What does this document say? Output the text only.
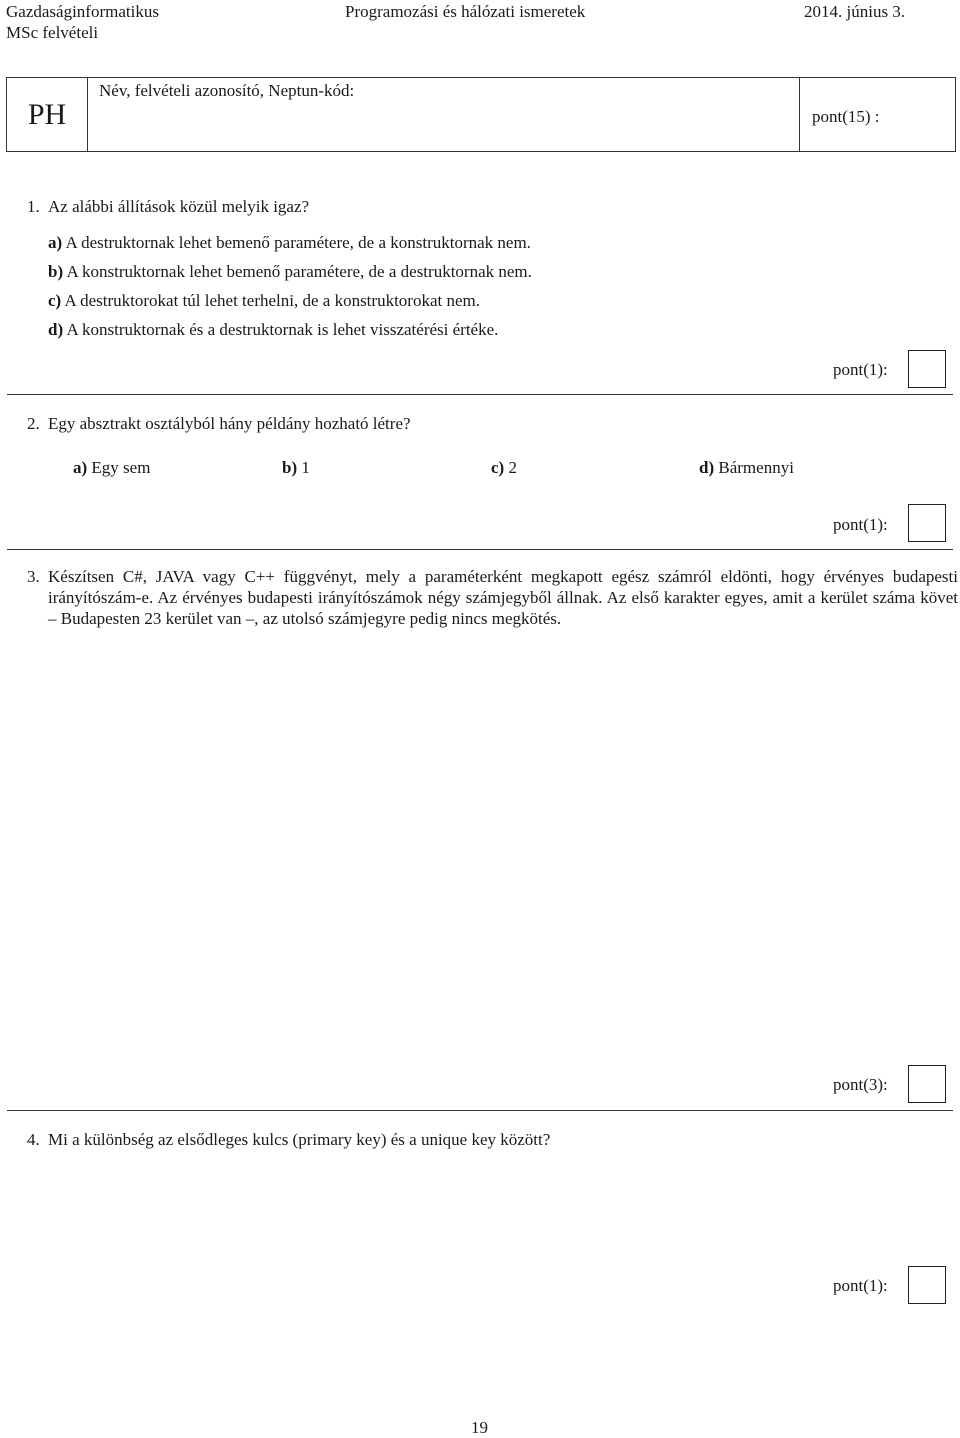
Gazdaságinformatikus
MSc felvételi
Programozási és hálózati ismeretek	2014. június 3.
PH
Név, felvételi azonosító, Neptun-kód:
pont(15) :
1. Az alábbi állítások közül melyik igaz?
a) A destruktornak lehet bemenő paramétere, de a konstruktornak nem.
b) A konstruktornak lehet bemenő paramétere, de a destruktornak nem.
c) A destruktorokat túl lehet terhelni, de a konstruktorokat nem.
d) A konstruktornak és a destruktornak is lehet visszatérési értéke.
pont(1):
2. Egy absztrakt osztályból hány példány hozható létre?
a) Egy sem	b) 1	c) 2	d) Bármennyi
pont(1):
3. Készítsen C#, JAVA vagy C++ függvényt, mely a paraméterként megkapott egész számról eldönti, hogy érvényes budapesti irányítószám-e. Az érvényes budapesti irányítószámok négy számjegyből állnak. Az első karakter egyes, amit a kerület száma követ – Budapesten 23 kerület van –, az utolsó számjegyre pedig nincs megkötés.
pont(3):
4. Mi a különbség az elsődleges kulcs (primary key) és a unique key között?
pont(1):
19
